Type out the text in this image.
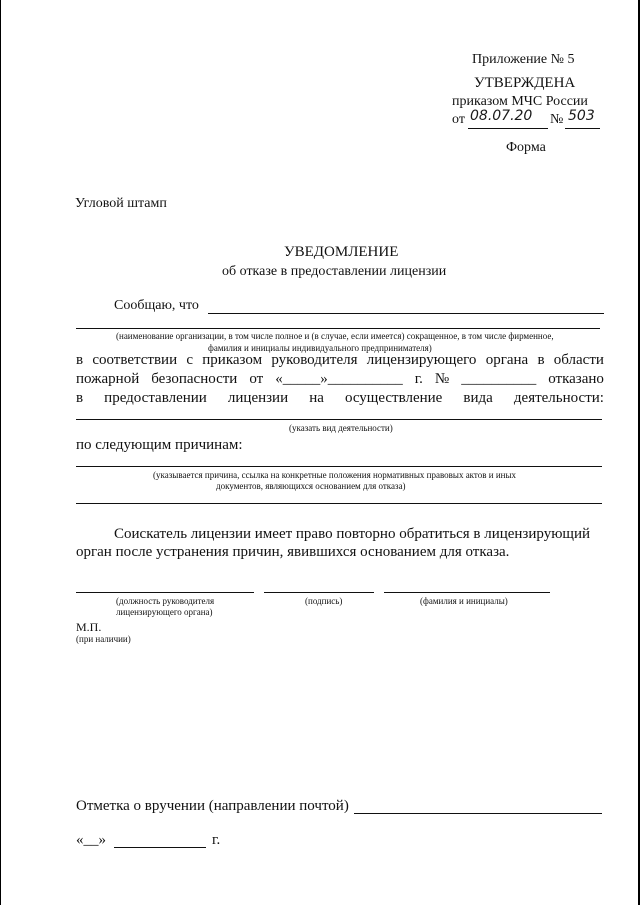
Приложение № 5
УТВЕРЖДЕНА
приказом МЧС России
от 08.07.20 № 503
Форма
Угловой штамп
УВЕДОМЛЕНИЕ
об отказе в предоставлении лицензии
Сообщаю, что
(наименование организации, в том числе полное и (в случае, если имеется) сокращенное, в том числе фирменное,
фамилия и инициалы индивидуального предпринимателя)
в соответствии с приказом руководителя лицензирующего органа в области
пожарной безопасности от «_____»__________ г. № __________ отказано
в предоставлении лицензии на осуществление вида деятельности:
(указать вид деятельности)
по следующим причинам:
(указывается причина, ссылка на конкретные положения нормативных правовых актов и иных
документов, являющихся основанием для отказа)
Соискатель лицензии имеет право повторно обратиться в лицензирующий
орган после устранения причин, явившихся основанием для отказа.
(должность руководителя
лицензирующего органа)
(подпись)	(фамилия и инициалы)
М.П.
(при наличии)
Отметка о вручении (направлении почтой)
«__»	г.
